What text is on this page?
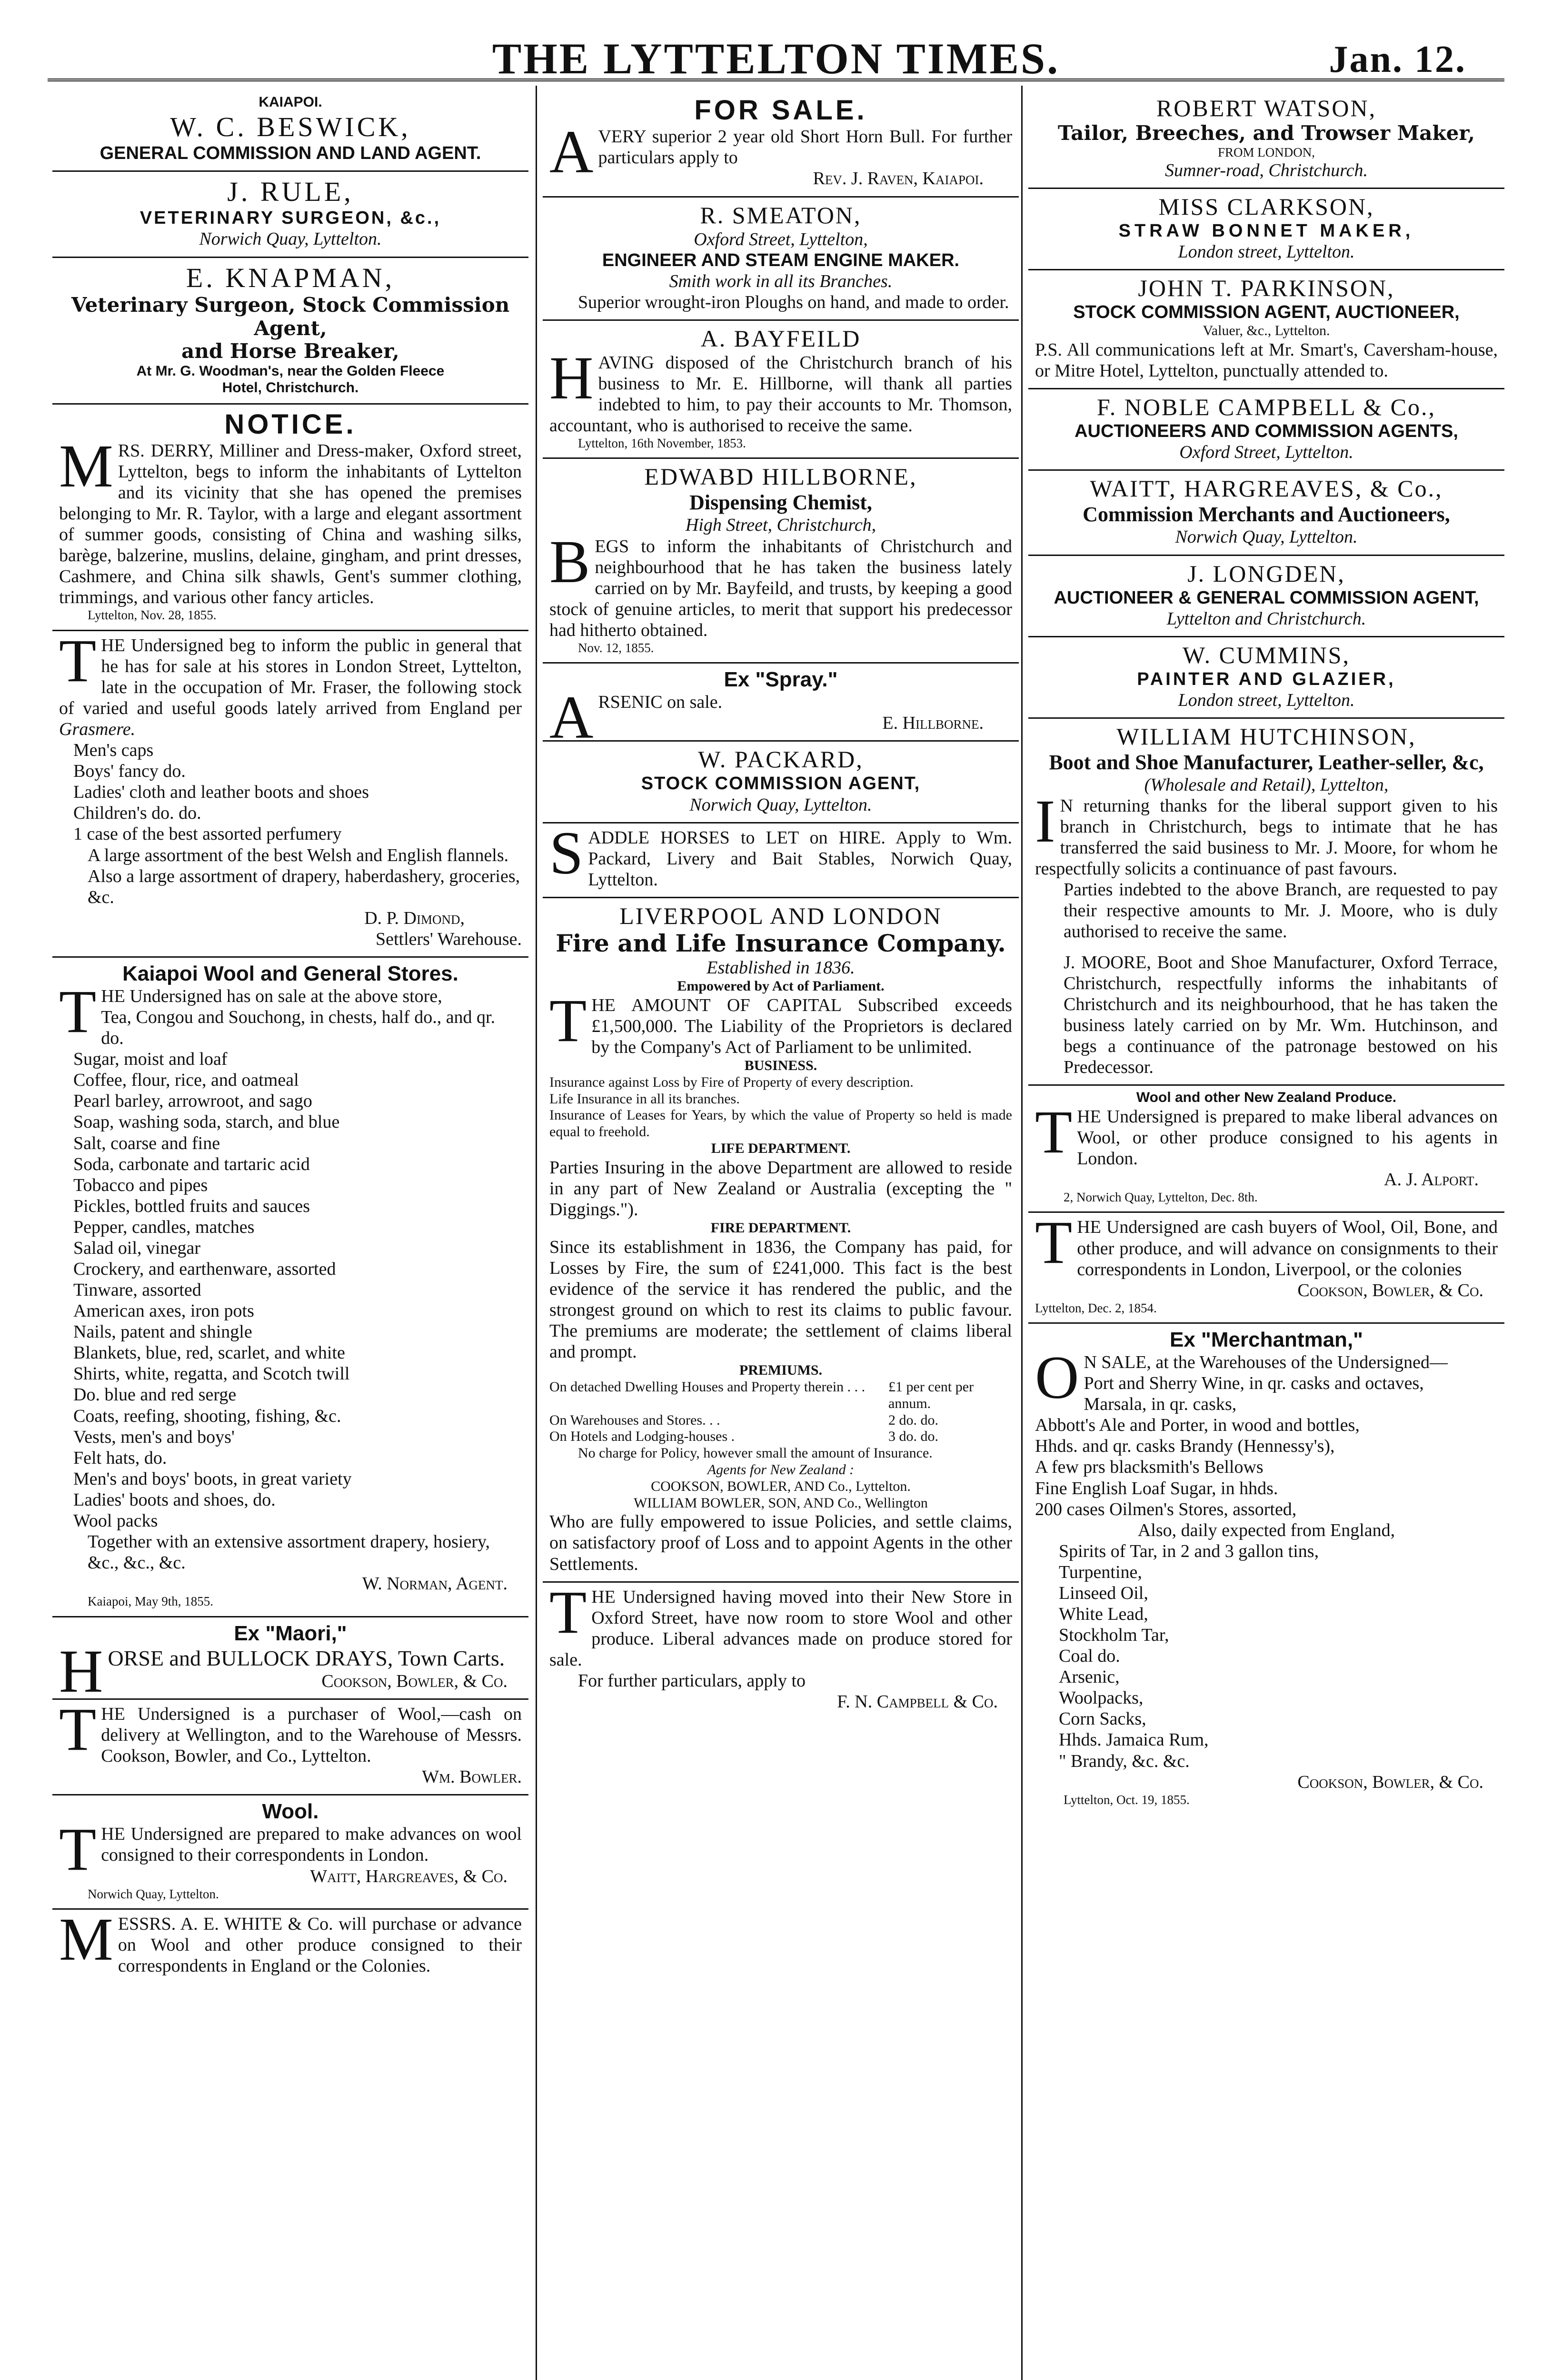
THE LYTTELTON TIMES.	Jan. 12.

KAIAPOI.

W. C. BESWICK,

GENERAL COMMISSION AND LAND AGENT.

J. RULE,

VETERINARY SURGEON, &c.,

Norwich Quay, Lyttelton.

E. KNAPMAN,

Veterinary Surgeon, Stock Commission Agent,

and Horse Breaker,

At Mr. G. Woodman's, near the Golden Fleece

Hotel, Christchurch.

NOTICE.

MRS. DERRY, Milliner and Dress-maker, Oxford street, Lyttelton, begs to inform the inhabitants of Lyttelton and its vicinity that she has opened the premises belonging to Mr. R. Taylor, with a large and elegant assortment of summer goods, consisting of China and washing silks, barège, balzerine, muslins, delaine, gingham, and print dresses, Cashmere, and China silk shawls, Gent's summer clothing, trimmings, and various other fancy articles.

Lyttelton, Nov. 28, 1855.

THE Undersigned beg to inform the public in general that he has for sale at his stores in London Street, Lyttelton, late in the occupation of Mr. Fraser, the following stock of varied and useful goods lately arrived from England per Grasmere.

Men's caps
Boys' fancy do.
Ladies' cloth and leather boots and shoes
Children's do. do.
1 case of the best assorted perfumery

A large assortment of the best Welsh and English flannels.

Also a large assortment of drapery, haberdashery, groceries, &c.

D. P. Dimond,

Settlers' Warehouse.

Kaiapoi Wool and General Stores.

THE Undersigned has on sale at the above store,

Tea, Congou and Souchong, in chests, half do., and qr. do.
Sugar, moist and loaf
Coffee, flour, rice, and oatmeal
Pearl barley, arrowroot, and sago
Soap, washing soda, starch, and blue
Salt, coarse and fine
Soda, carbonate and tartaric acid
Tobacco and pipes
Pickles, bottled fruits and sauces
Pepper, candles, matches
Salad oil, vinegar
Crockery, and earthenware, assorted
Tinware, assorted
American axes, iron pots
Nails, patent and shingle
Blankets, blue, red, scarlet, and white
Shirts, white, regatta, and Scotch twill
Do. blue and red serge
Coats, reefing, shooting, fishing, &c.
Vests, men's and boys'
Felt hats, do.
Men's and boys' boots, in great variety
Ladies' boots and shoes, do.
Wool packs

Together with an extensive assortment drapery, hosiery, &c., &c., &c.

W. Norman, Agent.

Kaiapoi, May 9th, 1855.

Ex "Maori,"

HORSE and BULLOCK DRAYS, Town Carts.

Cookson, Bowler, & Co.

THE Undersigned is a purchaser of Wool,—cash on delivery at Wellington, and to the Warehouse of Messrs. Cookson, Bowler, and Co., Lyttelton.

Wm. Bowler.

Wool.

THE Undersigned are prepared to make advances on wool consigned to their correspondents in London.

Waitt, Hargreaves, & Co.

Norwich Quay, Lyttelton.

MESSRS. A. E. WHITE & Co. will purchase or advance on Wool and other produce consigned to their correspondents in England or the Colonies.

FOR SALE.

AVERY superior 2 year old Short Horn Bull. For further particulars apply to

Rev. J. Raven, Kaiapoi.

R. SMEATON,

Oxford Street, Lyttelton,

ENGINEER AND STEAM ENGINE MAKER.

Smith work in all its Branches.

Superior wrought-iron Ploughs on hand, and made to order.

A. BAYFEILD

HAVING disposed of the Christchurch branch of his business to Mr. E. Hillborne, will thank all parties indebted to him, to pay their accounts to Mr. Thomson, accountant, who is authorised to receive the same.

Lyttelton, 16th November, 1853.

EDWABD HILLBORNE,

Dispensing Chemist,

High Street, Christchurch,

BEGS to inform the inhabitants of Christchurch and neighbourhood that he has taken the business lately carried on by Mr. Bayfeild, and trusts, by keeping a good stock of genuine articles, to merit that support his predecessor had hitherto obtained.

Nov. 12, 1855.

Ex "Spray."

ARSENIC on sale.

E. Hillborne.

W. PACKARD,

STOCK COMMISSION AGENT,

Norwich Quay, Lyttelton.

SADDLE HORSES to LET on HIRE. Apply to Wm. Packard, Livery and Bait Stables, Norwich Quay, Lyttelton.

LIVERPOOL AND LONDON

Fire and Life Insurance Company.

Established in 1836.

Empowered by Act of Parliament.

THE AMOUNT OF CAPITAL Subscribed exceeds £1,500,000. The Liability of the Proprietors is declared by the Company's Act of Parliament to be unlimited.

BUSINESS.

Insurance against Loss by Fire of Property of every description.

Life Insurance in all its branches.

Insurance of Leases for Years, by which the value of Property so held is made equal to freehold.

LIFE DEPARTMENT.

Parties Insuring in the above Department are allowed to reside in any part of New Zealand or Australia (excepting the " Diggings.").

FIRE DEPARTMENT.

Since its establishment in 1836, the Company has paid, for Losses by Fire, the sum of £241,000. This fact is the best evidence of the service it has rendered the public, and the strongest ground on which to rest its claims to public favour. The premiums are moderate; the settlement of claims liberal and prompt.

PREMIUMS.

On detached Dwelling Houses and Property therein . . . £1 per cent per annum.
On Warehouses and Stores. . .	2 do. do.
On Hotels and Lodging-houses .	3 do. do.

No charge for Policy, however small the amount of Insurance.

Agents for New Zealand :

COOKSON, BOWLER, AND Co., Lyttelton.

WILLIAM BOWLER, SON, AND Co., Wellington

Who are fully empowered to issue Policies, and settle claims, on satisfactory proof of Loss and to appoint Agents in the other Settlements.

THE Undersigned having moved into their New Store in Oxford Street, have now room to store Wool and other produce. Liberal advances made on produce stored for sale.

For further particulars, apply to

F. N. Campbell & Co.

ROBERT WATSON,

Tailor, Breeches, and Trowser Maker,

FROM LONDON,

Sumner-road, Christchurch.

MISS CLARKSON,

STRAW BONNET MAKER,

London street, Lyttelton.

JOHN T. PARKINSON,

STOCK COMMISSION AGENT, AUCTIONEER,

Valuer, &c., Lyttelton.

P.S. All communications left at Mr. Smart's, Caversham-house, or Mitre Hotel, Lyttelton, punctually attended to.

F. NOBLE CAMPBELL & Co.,

AUCTIONEERS AND COMMISSION AGENTS,

Oxford Street, Lyttelton.

WAITT, HARGREAVES, & Co.,

Commission Merchants and Auctioneers,

Norwich Quay, Lyttelton.

J. LONGDEN,

AUCTIONEER & GENERAL COMMISSION AGENT,

Lyttelton and Christchurch.

W. CUMMINS,

PAINTER AND GLAZIER,

London street, Lyttelton.

WILLIAM HUTCHINSON,

Boot and Shoe Manufacturer, Leather-seller, &c,

(Wholesale and Retail), Lyttelton,

IN returning thanks for the liberal support given to his branch in Christchurch, begs to intimate that he has transferred the said business to Mr. J. Moore, for whom he respectfully solicits a continuance of past favours.

Parties indebted to the above Branch, are requested to pay their respective amounts to Mr. J. Moore, who is duly authorised to receive the same.

J. MOORE, Boot and Shoe Manufacturer, Oxford Terrace, Christchurch, respectfully informs the inhabitants of Christchurch and its neighbourhood, that he has taken the business lately carried on by Mr. Wm. Hutchinson, and begs a continuance of the patronage bestowed on his Predecessor.

Wool and other New Zealand Produce.

THE Undersigned is prepared to make liberal advances on Wool, or other produce consigned to his agents in London.

A. J. Alport.

2, Norwich Quay, Lyttelton, Dec. 8th.

THE Undersigned are cash buyers of Wool, Oil, Bone, and other produce, and will advance on consignments to their correspondents in London, Liverpool, or the colonies

Cookson, Bowler, & Co.

Lyttelton, Dec. 2, 1854.

Ex "Merchantman,"

ON SALE, at the Warehouses of the Undersigned—

Port and Sherry Wine, in qr. casks and octaves,
Marsala, in qr. casks,
Abbott's Ale and Porter, in wood and bottles,
Hhds. and qr. casks Brandy (Hennessy's),
A few prs blacksmith's Bellows
Fine English Loaf Sugar, in hhds.
200 cases Oilmen's Stores, assorted,

Also, daily expected from England,

Spirits of Tar, in 2 and 3 gallon tins,
Turpentine,
Linseed Oil,
White Lead,
Stockholm Tar,
Coal do.
Arsenic,
Woolpacks,
Corn Sacks,
Hhds. Jamaica Rum,
" Brandy, &c. &c.

Cookson, Bowler, & Co.

Lyttelton, Oct. 19, 1855.
